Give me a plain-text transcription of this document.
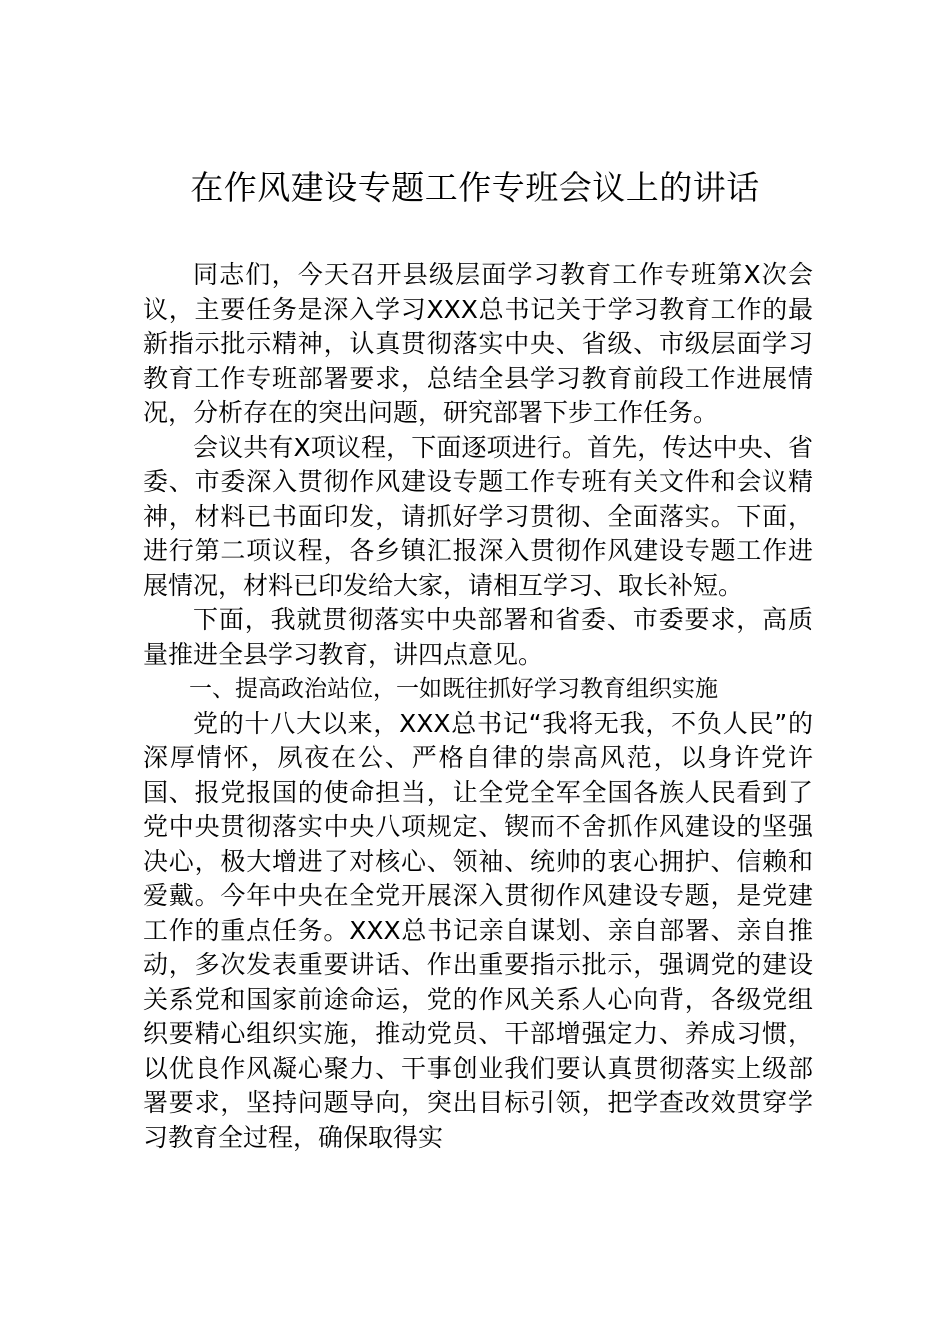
在作风建设专题工作专班会议上的讲话

同志们，今天召开县级层面学习教育工作专班第X次会议，主要任务是深入学习XXX总书记关于学习教育工作的最新指示批示精神，认真贯彻落实中央、省级、市级层面学习教育工作专班部署要求，总结全县学习教育前段工作进展情况，分析存在的突出问题，研究部署下步工作任务。

会议共有X项议程，下面逐项进行。首先，传达中央、省委、市委深入贯彻作风建设专题工作专班有关文件和会议精神，材料已书面印发，请抓好学习贯彻、全面落实。下面，进行第二项议程，各乡镇汇报深入贯彻作风建设专题工作进展情况，材料已印发给大家，请相互学习、取长补短。

下面，我就贯彻落实中央部署和省委、市委要求，高质量推进全县学习教育，讲四点意见。

一、提高政治站位，一如既往抓好学习教育组织实施

党的十八大以来，XXX总书记“我将无我，不负人民”的深厚情怀，夙夜在公、严格自律的崇高风范，以身许党许国、报党报国的使命担当，让全党全军全国各族人民看到了党中央贯彻落实中央八项规定、锲而不舍抓作风建设的坚强决心，极大增进了对核心、领袖、统帅的衷心拥护、信赖和爱戴。今年中央在全党开展深入贯彻作风建设专题，是党建工作的重点任务。XXX总书记亲自谋划、亲自部署、亲自推动，多次发表重要讲话、作出重要指示批示，强调党的建设关系党和国家前途命运，党的作风关系人心向背，各级党组织要精心组织实施，推动党员、干部增强定力、养成习惯，以优良作风凝心聚力、干事创业我们要认真贯彻落实上级部署要求，坚持问题导向，突出目标引领，把学查改效贯穿学习教育全过程，确保取得实
